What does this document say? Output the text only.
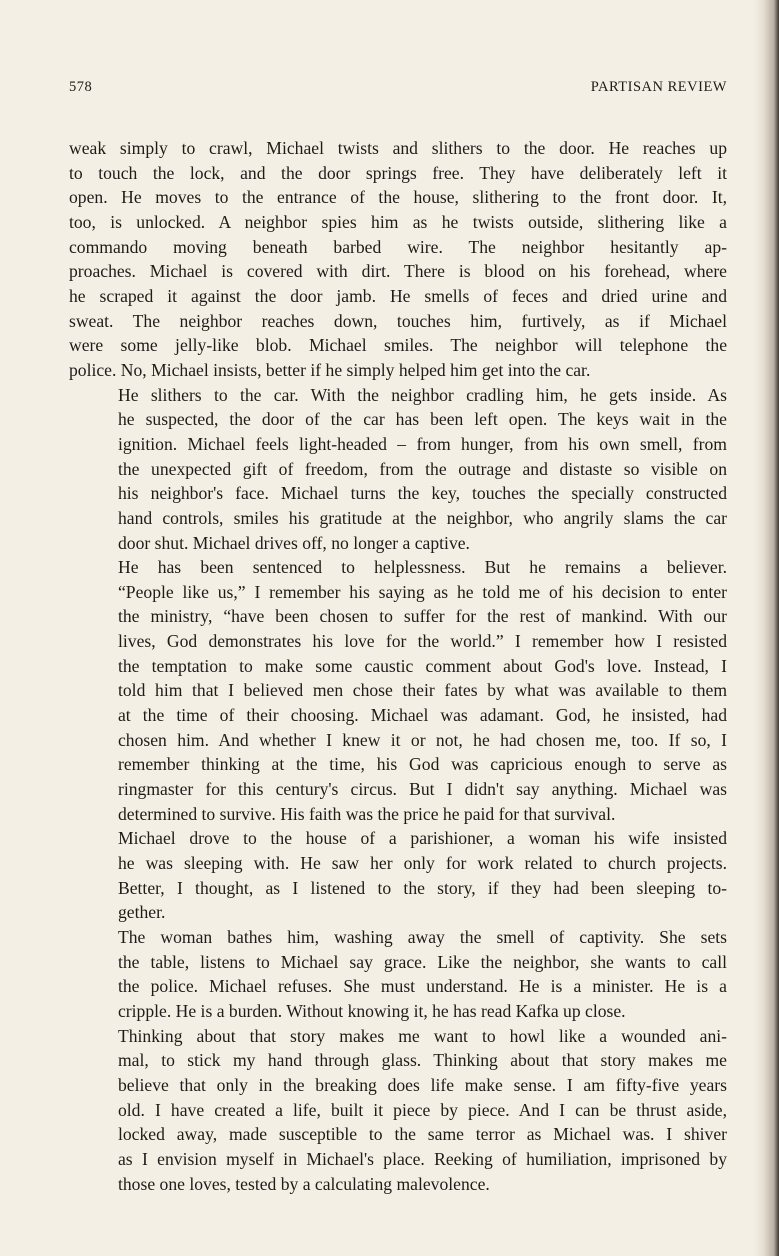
578	PARTISAN REVIEW

weak simply to crawl, Michael twists and slithers to the door. He reaches up
to touch the lock, and the door springs free. They have deliberately left it
open. He moves to the entrance of the house, slithering to the front door. It,
too, is unlocked. A neighbor spies him as he twists outside, slithering like a
commando moving beneath barbed wire. The neighbor hesitantly ap-
proaches. Michael is covered with dirt. There is blood on his forehead, where
he scraped it against the door jamb. He smells of feces and dried urine and
sweat. The neighbor reaches down, touches him, furtively, as if Michael
were some jelly-like blob. Michael smiles. The neighbor will telephone the
police. No, Michael insists, better if he simply helped him get into the car.

He slithers to the car. With the neighbor cradling him, he gets inside. As
he suspected, the door of the car has been left open. The keys wait in the
ignition. Michael feels light-headed – from hunger, from his own smell, from
the unexpected gift of freedom, from the outrage and distaste so visible on
his neighbor's face. Michael turns the key, touches the specially constructed
hand controls, smiles his gratitude at the neighbor, who angrily slams the car
door shut. Michael drives off, no longer a captive.

He has been sentenced to helplessness. But he remains a believer.
“People like us,” I remember his saying as he told me of his decision to enter
the ministry, “have been chosen to suffer for the rest of mankind. With our
lives, God demonstrates his love for the world.” I remember how I resisted
the temptation to make some caustic comment about God's love. Instead, I
told him that I believed men chose their fates by what was available to them
at the time of their choosing. Michael was adamant. God, he insisted, had
chosen him. And whether I knew it or not, he had chosen me, too. If so, I
remember thinking at the time, his God was capricious enough to serve as
ringmaster for this century's circus. But I didn't say anything. Michael was
determined to survive. His faith was the price he paid for that survival.

Michael drove to the house of a parishioner, a woman his wife insisted
he was sleeping with. He saw her only for work related to church projects.
Better, I thought, as I listened to the story, if they had been sleeping to-
gether.

The woman bathes him, washing away the smell of captivity. She sets
the table, listens to Michael say grace. Like the neighbor, she wants to call
the police. Michael refuses. She must understand. He is a minister. He is a
cripple. He is a burden. Without knowing it, he has read Kafka up close.

Thinking about that story makes me want to howl like a wounded ani-
mal, to stick my hand through glass. Thinking about that story makes me
believe that only in the breaking does life make sense. I am fifty-five years
old. I have created a life, built it piece by piece. And I can be thrust aside,
locked away, made susceptible to the same terror as Michael was. I shiver
as I envision myself in Michael's place. Reeking of humiliation, imprisoned by
those one loves, tested by a calculating malevolence.
